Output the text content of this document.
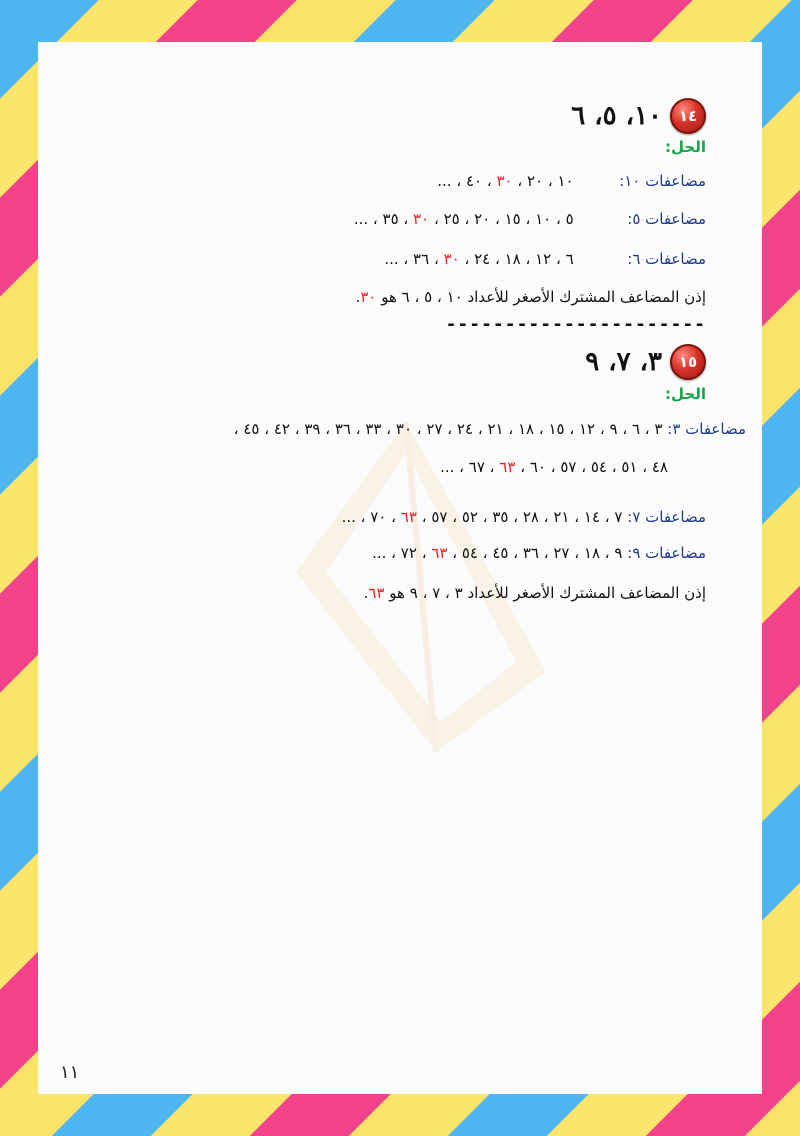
١٤
١٠، ٥، ٦
الحل:
مضاعفات ١٠:  ١٠ ، ٢٠ ، ٣٠ ، ٤٠ ، ...
مضاعفات ٥:  ٥ ، ١٠ ، ١٥ ، ٢٠ ، ٢٥ ، ٣٠ ، ٣٥ ، ...
مضاعفات ٦:  ٦ ، ١٢ ، ١٨ ، ٢٤ ، ٣٠ ، ٣٦ ، ...
إذن المضاعف المشترك الأصغر للأعداد ١٠ ، ٥ ، ٦ هو ٣٠.
----------------------
١٥
٣، ٧، ٩
الحل:
مضاعفات ٣: ٣ ، ٦ ، ٩ ، ١٢ ، ١٥ ، ١٨ ، ٢١ ، ٢٤ ، ٢٧ ، ٣٠ ، ٣٣ ، ٣٦ ، ٣٩ ، ٤٢ ، ٤٥ ،
٤٨ ، ٥١ ، ٥٤ ، ٥٧ ، ٦٠ ، ٦٣ ، ٦٧ ، ...
مضاعفات ٧: ٧ ، ١٤ ، ٢١ ، ٢٨ ، ٣٥ ، ٥٢ ، ٥٧ ، ٦٣ ، ٧٠ ، ...
مضاعفات ٩: ٩ ، ١٨ ، ٢٧ ، ٣٦ ، ٤٥ ، ٥٤ ، ٦٣ ، ٧٢ ، ...
إذن المضاعف المشترك الأصغر للأعداد ٣ ، ٧ ، ٩ هو ٦٣.
١١
